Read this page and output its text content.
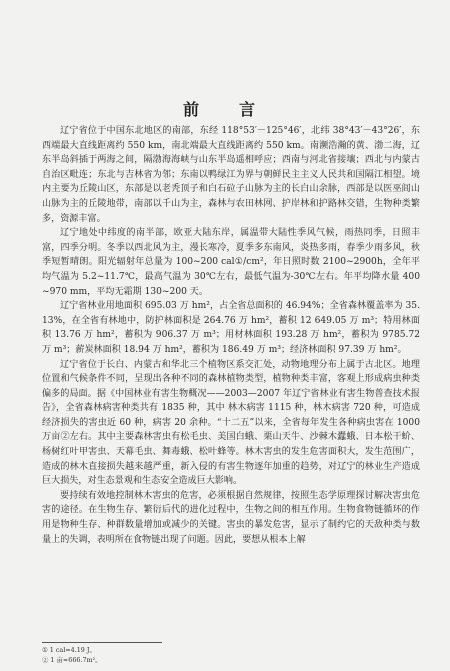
前　言

辽宁省位于中国东北地区的南部，东经 118°53′－125°46′，北纬 38°43′－43°26′，东西端最大直线距离约 550 km，南北端最大直线距离约 550 km。南濒浩瀚的黄、渤二海，辽东半岛斜插于两海之间，隔渤海海峡与山东半岛遥相呼应；西南与河北省接壤；西北与内蒙古自治区毗连；东北与吉林省为邻；东南以鸭绿江为界与朝鲜民主主义人民共和国隔江相望。境内主要为丘陵山区，东部是以老秃顶子和白石砬子山脉为主的长白山余脉，西部是以医巫闾山山脉为主的丘陵地带，南部以千山为主，森林与农田林网、护岸林和护路林交错，生物种类繁多，资源丰富。

辽宁地处中纬度的南半部，欧亚大陆东岸，属温带大陆性季风气候，雨热同季，日照丰富，四季分明。冬季以西北风为主，漫长寒冷，夏季多东南风，炎热多雨，春季少雨多风，秋季短暂晴朗。阳光辐射年总量为 100~200 cal①/cm²，年日照时数 2100~2900h，全年平均气温为 5.2~11.7℃，最高气温为 30℃左右，最低气温为-30℃左右。年平均降水量 400~970 mm，平均无霜期 130~200 天。

辽宁省林业用地面积 695.03 万 hm²，占全省总面积的 46.94%；全省森林覆盖率为 35.13%，在全省有林地中，防护林面积是 264.76 万 hm²，蓄积 12 649.05 万 m³；特用林面积 13.76 万 hm²，蓄积为 906.37 万 m³；用材林面积 193.28 万 hm²，蓄积为 9785.72 万 m³；薪炭林面积 18.94 万 hm²，蓄积为 186.49 万 m³；经济林面积 97.39 万 hm²。

辽宁省位于长白、内蒙古和华北三个植物区系交汇处，动物地理分布上属于古北区。地理位置和气候条件不同，呈现出各种不同的森林植物类型，植物种类丰富，客观上形成病虫种类偏多的局面。据《中国林业有害生物概况——2003—2007 年辽宁省林业有害生物普查技术报告》，全省森林病害种类共有 1835 种，其中 林木病害 1115 种，林木病害 720 种，可造成经济损失的害虫近 60 种，病害 20 余种。“十二五”以来，全省每年发生各种病虫害在 1000 万亩②左右。其中主要森林害虫有松毛虫、美国白蛾、栗山天牛、沙棘木蠹蛾、日本松干蚧、杨树红叶甲害虫、天幕毛虫、舞毒蛾、松叶蜂等。林木害虫的发生危害面积大，发生范围广，造成的林木直接损失越来越严重，新入侵的有害生物逐年加重的趋势，对辽宁的林业生产造成巨大损失，对生态景观和生态安全造成巨大影响。

要持续有效地控制林木害虫的危害，必须根据自然规律，按照生态学原理探讨解决害虫危害的途径。在生物生存、繁衍后代的进化过程中，生物之间的相互作用。生物食物链循环的作用是物种生存、种群数量增加或减少的关键。害虫的暴发危害，显示了制约它的天敌种类与数量上的失调，表明所在食物链出现了问题。因此，要想从根本上解

① 1 cal=4.19 J。

② 1 亩≈666.7m²。
